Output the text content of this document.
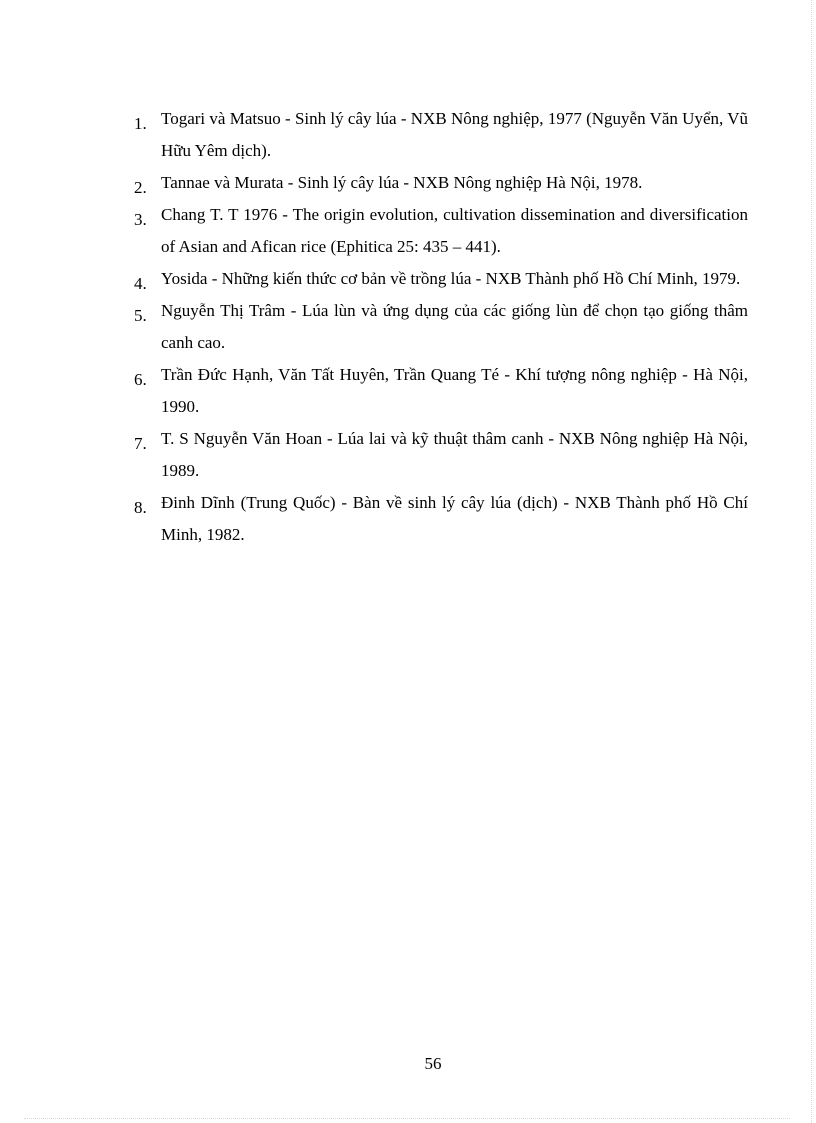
1. Togari và Matsuo - Sinh lý cây lúa - NXB Nông nghiệp, 1977 (Nguyễn Văn Uyển, Vũ Hữu Yêm dịch).
2. Tannae và Murata - Sinh lý cây lúa - NXB Nông nghiệp Hà Nội, 1978.
3. Chang T. T 1976 - The origin evolution, cultivation dissemination and diversification of Asian and Afican rice (Ephitica 25: 435 – 441).
4. Yosida - Những kiến thức cơ bản về trồng lúa - NXB Thành phố Hồ Chí Minh, 1979.
5. Nguyễn Thị Trâm - Lúa lùn và ứng dụng của các giống lùn để chọn tạo giống thâm canh cao.
6. Trần Đức Hạnh, Văn Tất Huyên, Trần Quang Té - Khí tượng nông nghiệp - Hà Nội, 1990.
7. T. S Nguyễn Văn Hoan - Lúa lai và kỹ thuật thâm canh - NXB Nông nghiệp Hà Nội, 1989.
8. Đinh Dĩnh (Trung Quốc) - Bàn về sinh lý cây lúa (dịch) - NXB Thành phố Hồ Chí Minh, 1982.
56
